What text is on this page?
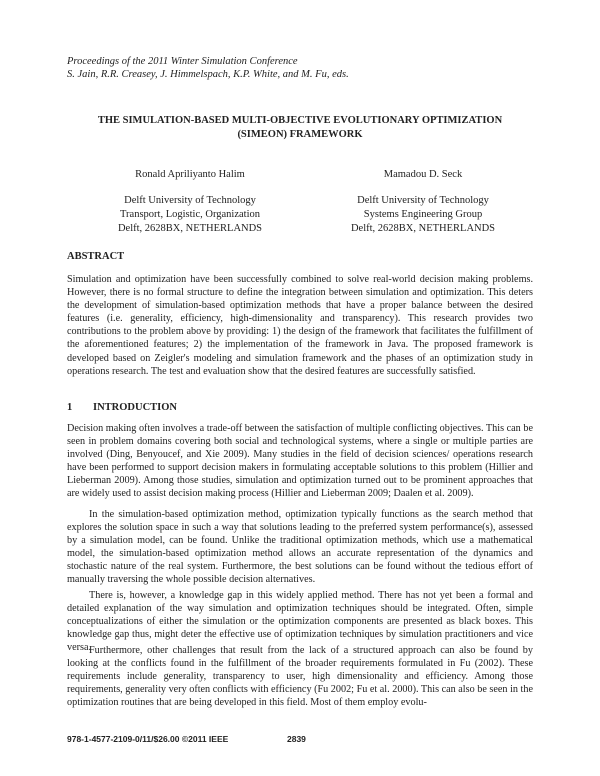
Proceedings of the 2011 Winter Simulation Conference
S. Jain, R.R. Creasey, J. Himmelspach, K.P. White, and M. Fu, eds.
THE SIMULATION-BASED MULTI-OBJECTIVE EVOLUTIONARY OPTIMIZATION
(SIMEON) FRAMEWORK
Ronald Apriliyanto Halim
Delft University of Technology
Transport, Logistic, Organization
Delft, 2628BX, NETHERLANDS
Mamadou D. Seck
Delft University of Technology
Systems Engineering Group
Delft, 2628BX, NETHERLANDS
ABSTRACT

Simulation and optimization have been successfully combined to solve real-world decision making problems. However, there is no formal structure to define the integration between simulation and optimization. This deters the development of simulation-based optimization methods that have a proper balance between the desired features (i.e. generality, efficiency, high-dimensionality and transparency). This research provides two contributions to the problem above by providing: 1) the design of the framework that facilitates the fulfillment of the aforementioned features; 2) the implementation of the framework in Java. The proposed framework is developed based on Zeigler's modeling and simulation framework and the phases of an optimization study in operations research. The test and evaluation show that the desired features are successfully satisfied.

1 INTRODUCTION

Decision making often involves a trade-off between the satisfaction of multiple conflicting objectives. This can be seen in problem domains covering both social and technological systems, where a single or multiple parties are involved (Ding, Benyoucef, and Xie 2009). Many studies in the field of decision sciences/ operations research have been performed to support decision makers in formulating acceptable solutions to this problem (Hillier and Lieberman 2009). Among those studies, simulation and optimization turned out to be prominent approaches that are widely used to assist decision making process (Hillier and Lieberman 2009; Daalen et al. 2009).

In the simulation-based optimization method, optimization typically functions as the search method that explores the solution space in such a way that solutions leading to the preferred system performance(s), assessed by a simulation model, can be found. Unlike the traditional optimization methods, which use a mathematical model, the simulation-based optimization method allows an accurate representation of the dynamics and stochastic nature of the real system. Furthermore, the best solutions can be found without the tedious effort of manually traversing the whole possible decision alternatives.

There is, however, a knowledge gap in this widely applied method. There has not yet been a formal and detailed explanation of the way simulation and optimization techniques should be integrated. Often, simple conceptualizations of either the simulation or the optimization components are presented as black boxes. This knowledge gap thus, might deter the effective use of optimization techniques by simulation practitioners and vice versa.

Furthermore, other challenges that result from the lack of a structured approach can also be found by looking at the conflicts found in the fulfillment of the broader requirements formulated in Fu (2002). These requirements include generality, transparency to user, high dimensionality and efficiency. Among those requirements, generality very often conflicts with efficiency (Fu 2002; Fu et al. 2000). This can also be seen in the optimization routines that are being developed in this field. Most of them employ evolu-

978-1-4577-2109-0/11/$26.00 ©2011 IEEE	2839
